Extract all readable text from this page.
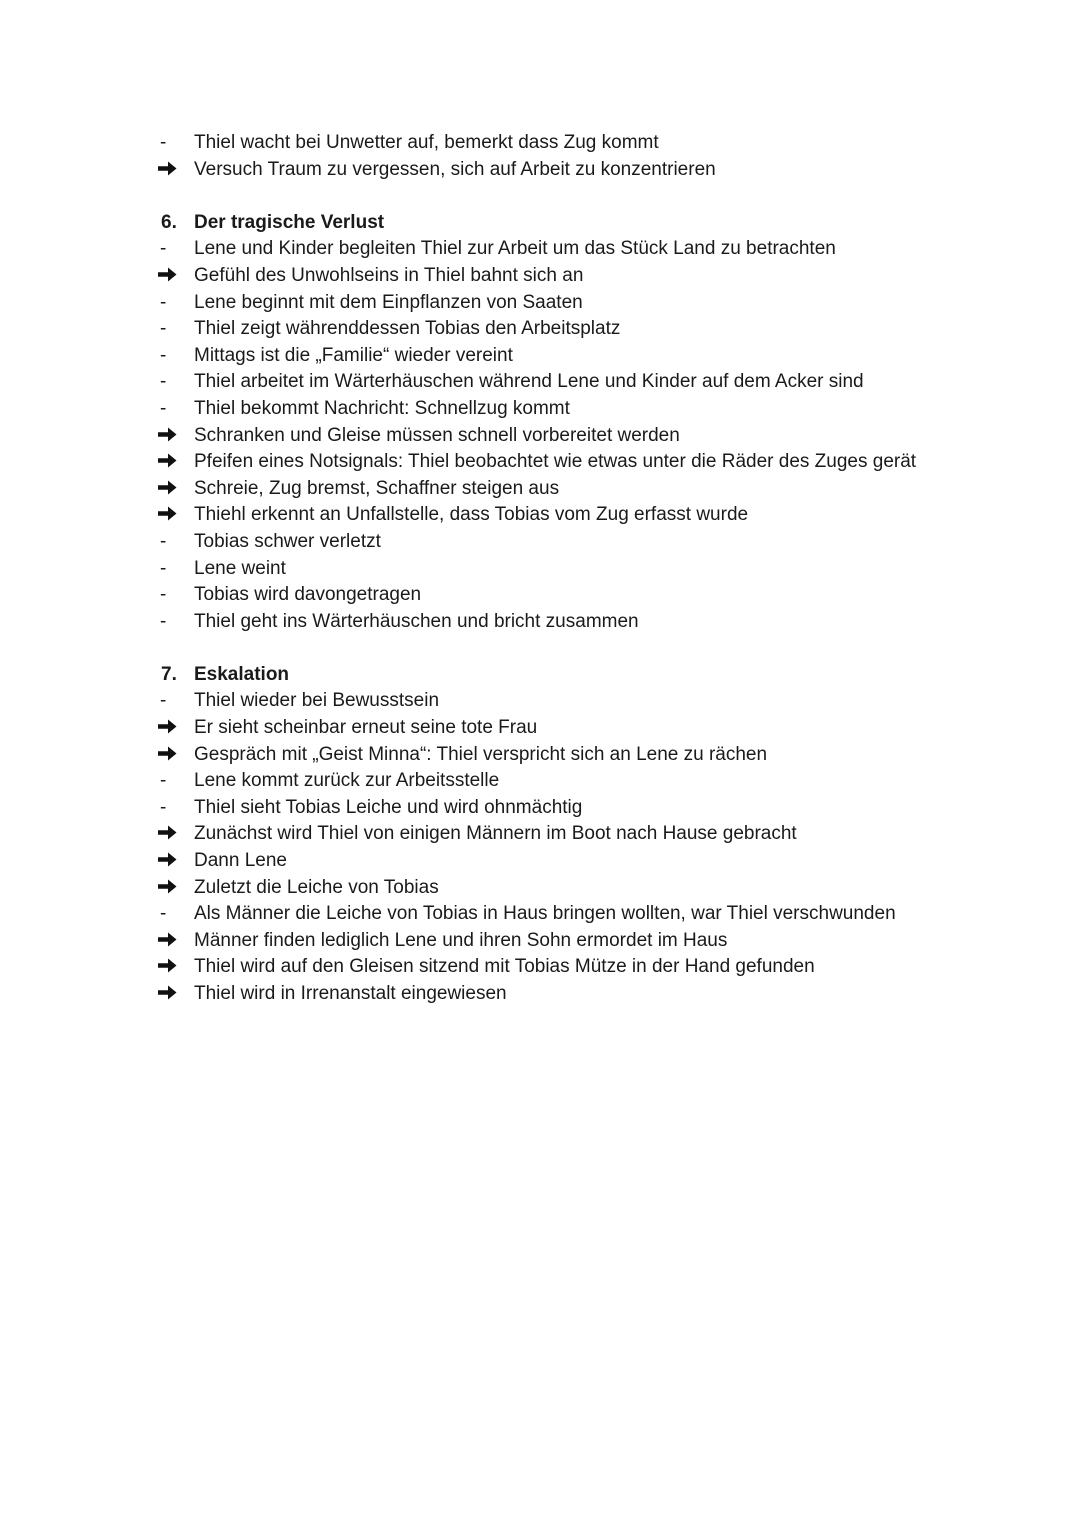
-	Thiel wacht bei Unwetter auf, bemerkt dass Zug kommt
Versuch Traum zu vergessen, sich auf Arbeit zu konzentrieren
6. Der tragische Verlust
-	Lene und Kinder begleiten Thiel zur Arbeit um das Stück Land zu betrachten
Gefühl des Unwohlseins in Thiel bahnt sich an
-	Lene beginnt mit dem Einpflanzen von Saaten
-	Thiel zeigt währenddessen Tobias den Arbeitsplatz
-	Mittags ist die „Familie“ wieder vereint
-	Thiel arbeitet im Wärterhäuschen während Lene und Kinder auf dem Acker sind
-	Thiel bekommt Nachricht: Schnellzug kommt
Schranken und Gleise müssen schnell vorbereitet werden
Pfeifen eines Notsignals: Thiel beobachtet wie etwas unter die Räder des Zuges gerät
Schreie, Zug bremst, Schaffner steigen aus
Thiehl erkennt an Unfallstelle, dass Tobias vom Zug erfasst wurde
-	Tobias schwer verletzt
-	Lene weint
-	Tobias wird davongetragen
-	Thiel geht ins Wärterhäuschen und bricht zusammen
7. Eskalation
-	Thiel wieder bei Bewusstsein
Er sieht scheinbar erneut seine tote Frau
Gespräch mit „Geist Minna“: Thiel verspricht sich an Lene zu rächen
-	Lene kommt zurück zur Arbeitsstelle
-	Thiel sieht Tobias Leiche und wird ohnmächtig
Zunächst wird Thiel von einigen Männern im Boot nach Hause gebracht
Dann Lene
Zuletzt die Leiche von Tobias
-	Als Männer die Leiche von Tobias in Haus bringen wollten, war Thiel verschwunden
Männer finden lediglich Lene und ihren Sohn ermordet im Haus
Thiel wird auf den Gleisen sitzend mit Tobias Mütze in der Hand gefunden
Thiel wird in Irrenanstalt eingewiesen
